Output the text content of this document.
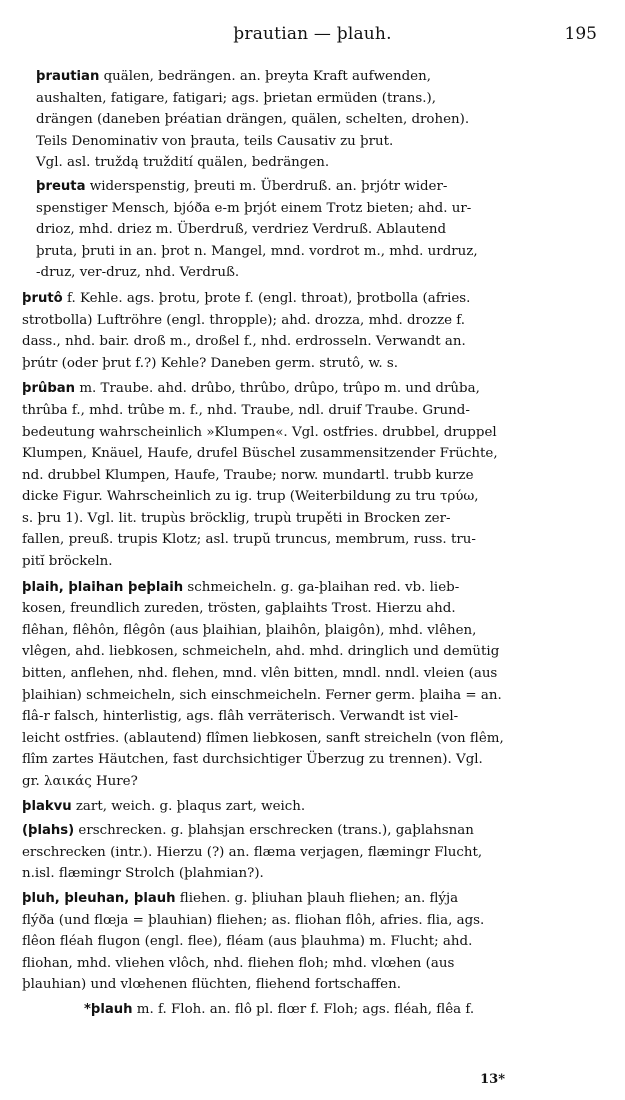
þrautian — þlauh.	195
þrautian quälen, bedrängen. an. þreyta Kraft aufwenden,
aushalten, fatigare, fatigari; ags. þrietan ermüden (trans.),
drängen (daneben þréatian drängen, quälen, schelten, drohen).
Teils Denominativ von þrauta, teils Causativ zu þrut.
Vgl. asl. truždą truždití quälen, bedrängen.
þreuta widerspenstig, þreuti m. Überdruß. an. þrjótr wider-
spenstiger Mensch, bjóða e-m þrjót einem Trotz bieten; ahd. ur-
drioz, mhd. driez m. Überdruß, verdriez Verdruß. Ablautend
þruta, þruti in an. þrot n. Mangel, mnd. vordrot m., mhd. urdruz,
-druz, ver-druz, nhd. Verdruß.
þrutô f. Kehle. ags. þrotu, þrote f. (engl. throat), þrotbolla (afries.
strotbolla) Luftröhre (engl. thropple); ahd. drozza, mhd. drozze f.
dass., nhd. bair. droß m., droßel f., nhd. erdrosseln. Verwandt an.
þrútr (oder þrut f.?) Kehle? Daneben germ. strutô, w. s.
þrûban m. Traube. ahd. drûbo, thrûbo, drûpo, trûpo m. und drûba,
thrûba f., mhd. trûbe m. f., nhd. Traube, ndl. druif Traube. Grund-
bedeutung wahrscheinlich »Klumpen«. Vgl. ostfries. drubbel, druppel
Klumpen, Knäuel, Haufe, drufel Büschel zusammensitzender Früchte,
nd. drubbel Klumpen, Haufe, Traube; norw. mundartl. trubb kurze
dicke Figur. Wahrscheinlich zu ig. trup (Weiterbildung zu tru τρύω,
s. þru 1). Vgl. lit. trupùs bröcklig, trupù trupěti in Brocken zer-
fallen, preuß. trupis Klotz; asl. trupŭ truncus, membrum, russ. tru-
pitĭ bröckeln.
þlaih, þlaihan þeþlaih schmeicheln. g. ga-þlaihan red. vb. lieb-
kosen, freundlich zureden, trösten, gaþlaihts Trost. Hierzu ahd.
flêhan, flêhôn, flêgôn (aus þlaihian, þlaihôn, þlaigôn), mhd. vlêhen,
vlêgen, ahd. liebkosen, schmeicheln, ahd. mhd. dringlich und demütig
bitten, anflehen, nhd. flehen, mnd. vlên bitten, mndl. nndl. vleien (aus
þlaihian) schmeicheln, sich einschmeicheln. Ferner germ. þlaiha = an.
flâ-r falsch, hinterlistig, ags. flâh verräterisch. Verwandt ist viel-
leicht ostfries. (ablautend) flîmen liebkosen, sanft streicheln (von flêm,
flîm zartes Häutchen, fast durchsichtiger Überzug zu trennen). Vgl.
gr. λαικάς Hure?
þlakvu zart, weich. g. þlaqus zart, weich.
(þlahs) erschrecken. g. þlahsjan erschrecken (trans.), gaþlahsnan
erschrecken (intr.). Hierzu (?) an. flæma verjagen, flæmingr Flucht,
n.isl. flæmingr Strolch (þlahmian?).
þluh, þleuhan, þlauh fliehen. g. þliuhan þlauh fliehen; an. flýja
flýða (und flœja = þlauhian) fliehen; as. fliohan flôh, afries. flia, ags.
flêon fléah flugon (engl. flee), fléam (aus þlauhma) m. Flucht; ahd.
fliohan, mhd. vliehen vlôch, nhd. fliehen floh; mhd. vlœhen (aus
þlauhian) und vlœhenen flüchten, fliehend fortschaffen.
*þlauh m. f. Floh. an. flô pl. flœr f. Floh; ags. fléah, flêa f.
13*
